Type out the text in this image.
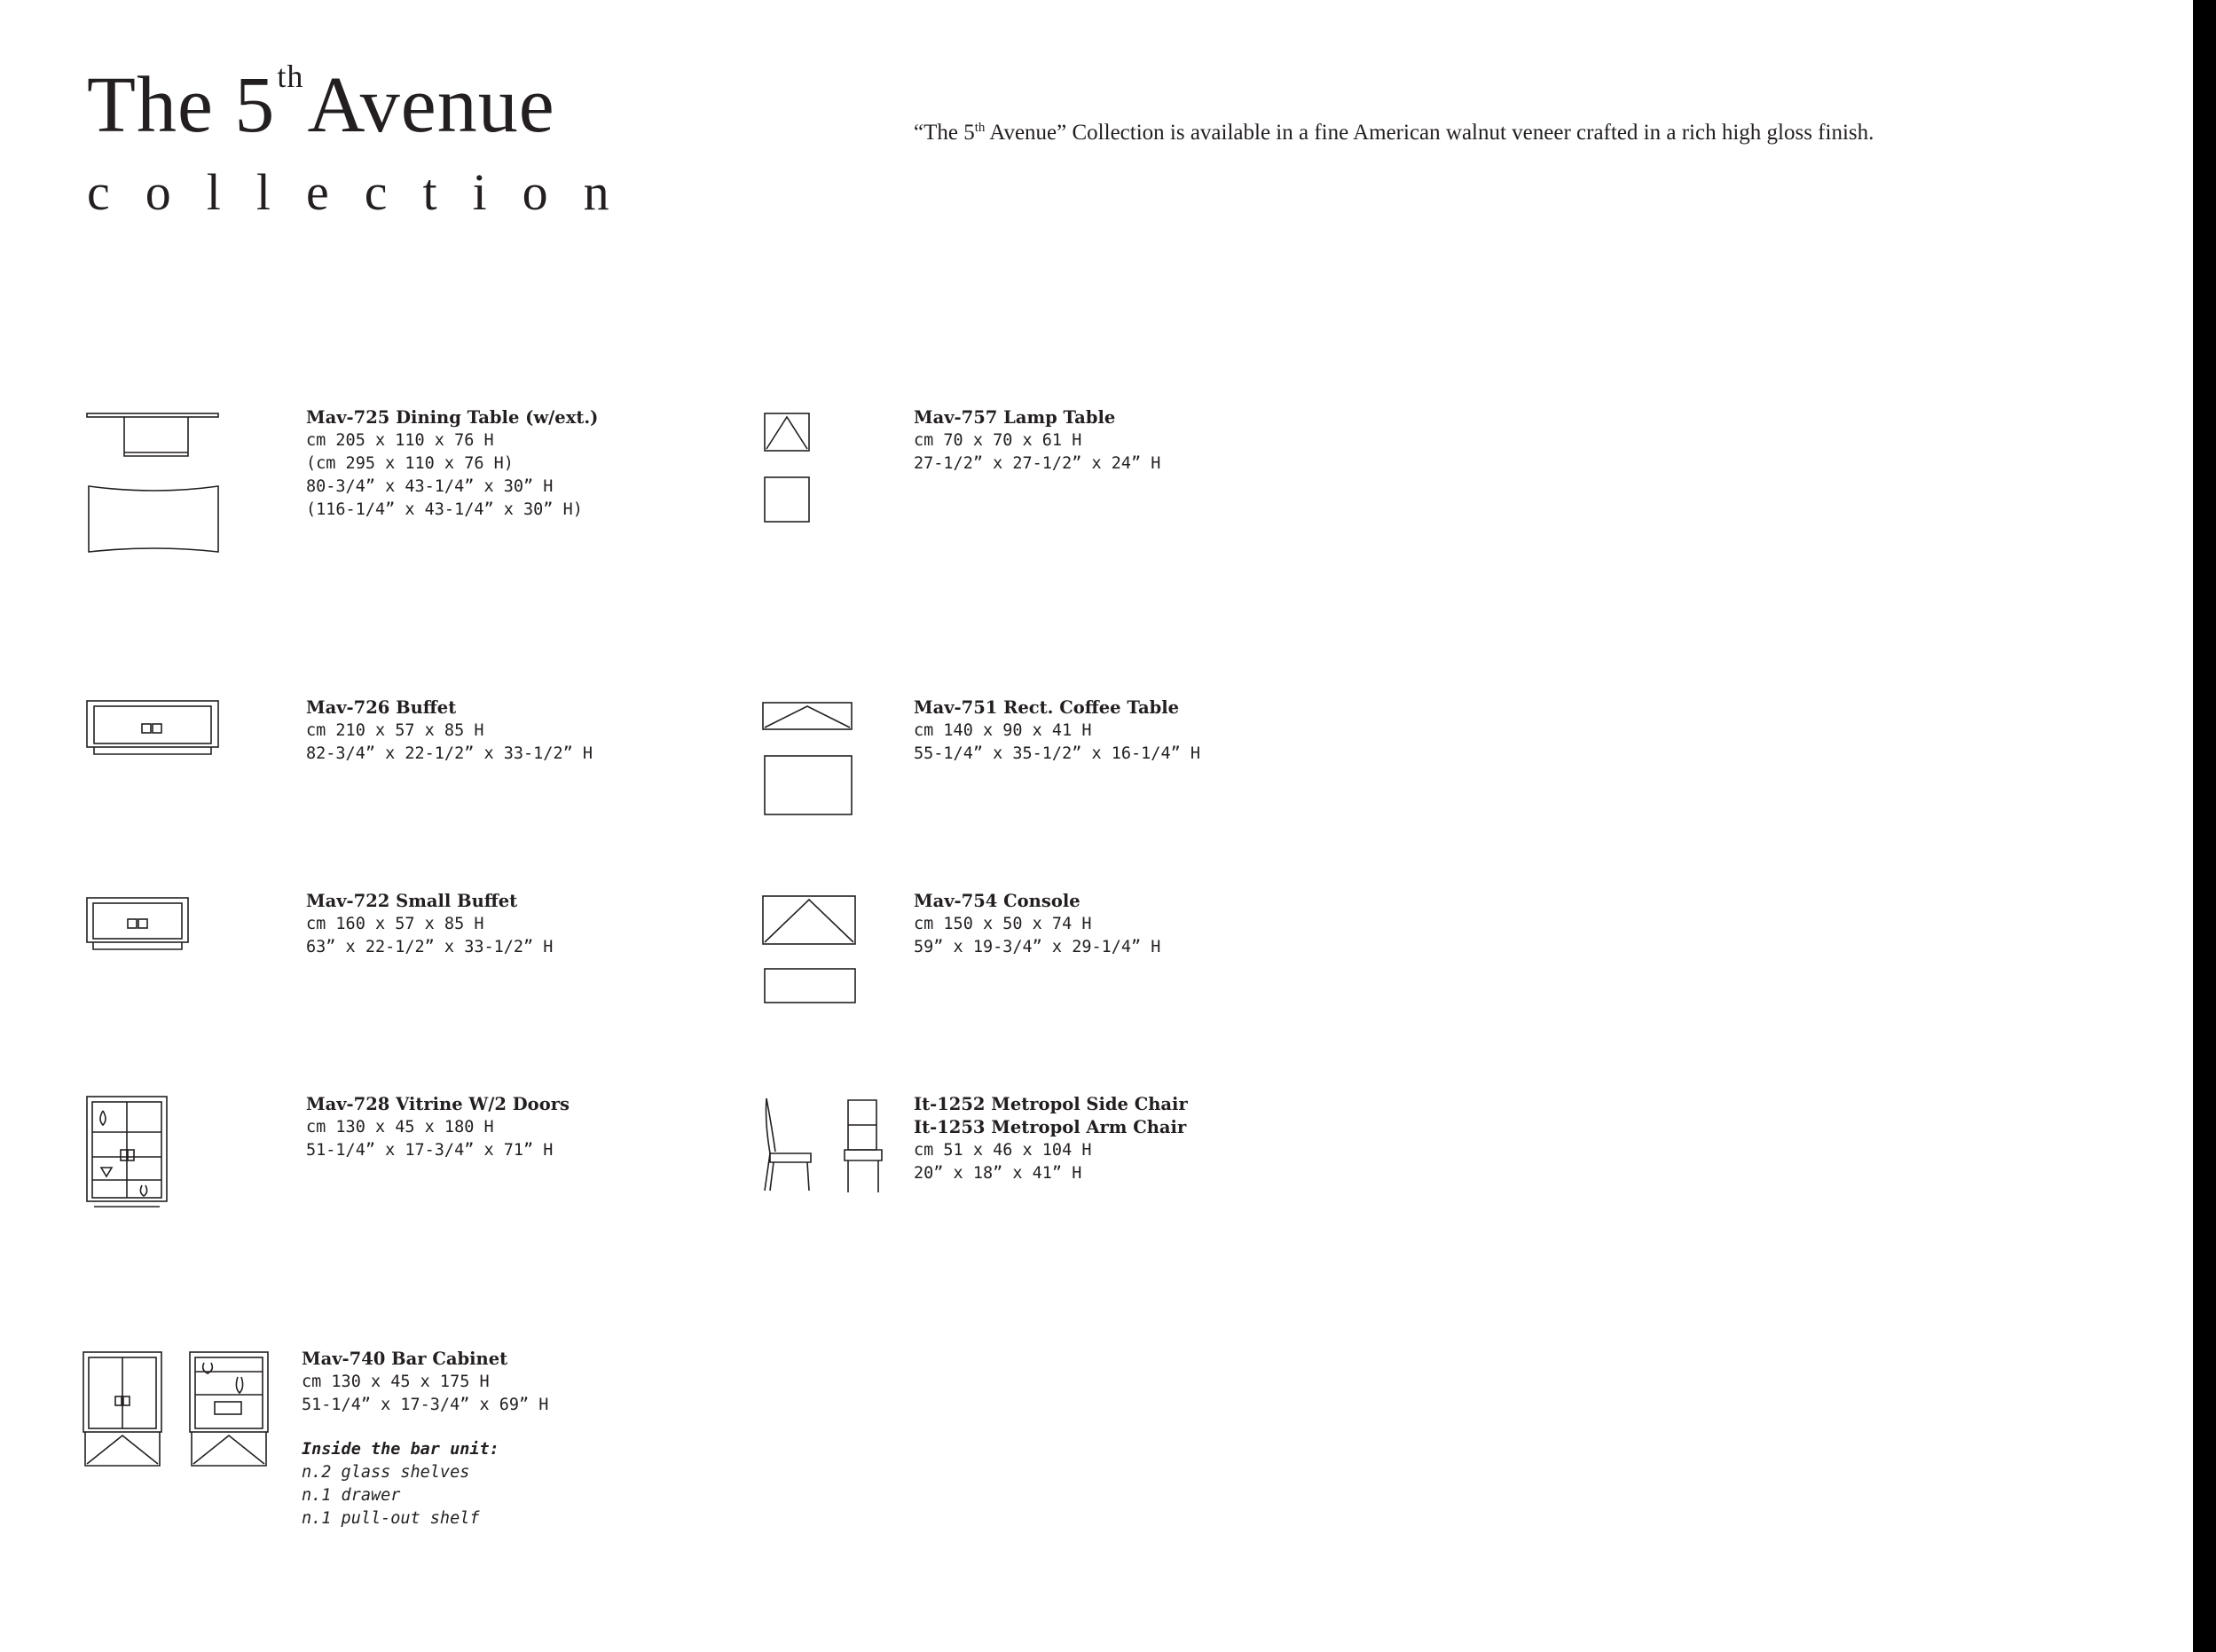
The 5thAvenue
collection
“The 5th Avenue” Collection is available in a fine American walnut veneer crafted in a rich high gloss finish.
Mav-725 Dining Table (w/ext.)
cm 205 x 110 x 76 H
(cm 295 x 110 x 76 H)
80-3/4” x 43-1/4” x 30” H
(116-1/4” x 43-1/4” x 30” H)
Mav-757 Lamp Table
cm 70 x 70 x 61 H
27-1/2” x 27-1/2” x 24” H
Mav-726 Buffet
cm 210 x 57 x 85 H
82-3/4” x 22-1/2” x 33-1/2” H
Mav-751 Rect. Coffee Table
cm 140 x 90 x 41 H
55-1/4” x 35-1/2” x 16-1/4” H
Mav-722 Small Buffet
cm 160 x 57 x 85 H
63” x 22-1/2” x 33-1/2” H
Mav-754 Console
cm 150 x 50 x 74 H
59” x 19-3/4” x 29-1/4” H
Mav-728 Vitrine W/2 Doors
cm 130 x 45 x 180 H
51-1/4” x 17-3/4” x 71” H
It-1252 Metropol Side Chair
It-1253 Metropol Arm Chair
cm 51 x 46 x 104 H
20” x 18” x 41” H
Mav-740 Bar Cabinet
cm 130 x 45 x 175 H
51-1/4” x 17-3/4” x 69” H
Inside the bar unit:
n.2 glass shelves
n.1 drawer
n.1 pull-out shelf
